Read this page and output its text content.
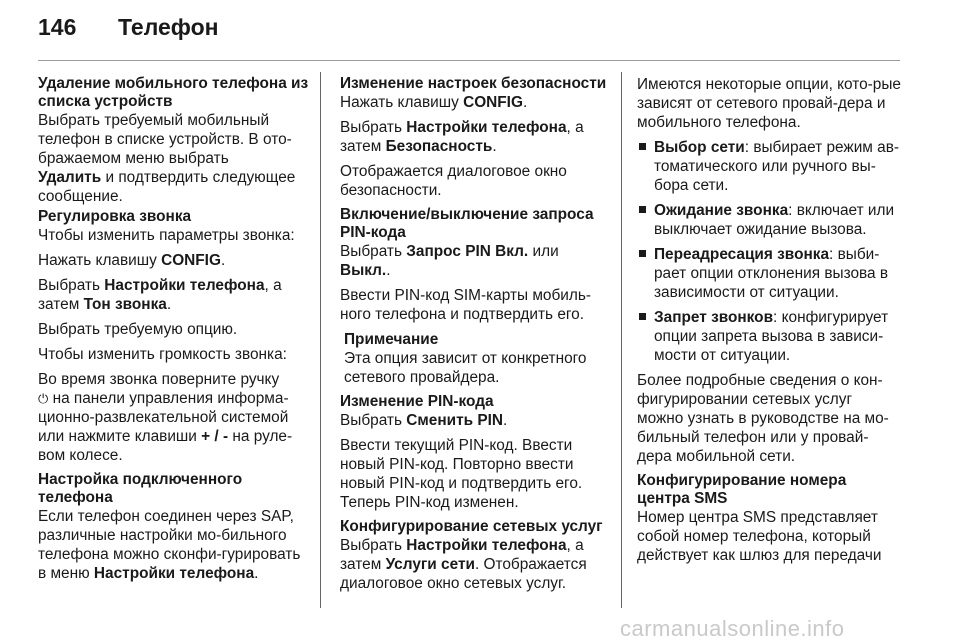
146 Телефон
Удаление мобильного телефона из списка устройств

Выбрать требуемый мобильный телефон в списке устройств. В ото-бражаемом меню выбрать
Удалить и подтвердить следующее сообщение.

Регулировка звонка

Чтобы изменить параметры звонка:

Нажать клавишу CONFIG.

Выбрать Настройки телефона, а затем Тон звонка.

Выбрать требуемую опцию.

Чтобы изменить громкость звонка:

Во время звонка поверните ручку
⏻ на панели управления информа-ционно-развлекательной системой или нажмите клавиши + / - на руле-вом колесе.

Настройка подключенного телефона

Если телефон соединен через SAP, различные настройки мо-бильного телефона можно сконфи-гурировать в меню Настройки телефона.

Изменение настроек безопасности

Нажать клавишу CONFIG.

Выбрать Настройки телефона, а затем Безопасность.

Отображается диалоговое окно безопасности.

Включение/выключение запроса PIN-кода

Выбрать Запрос PIN Вкл. или Выкл..

Ввести PIN-код SIM-карты мобиль-ного телефона и подтвердить его.

Примечание
Эта опция зависит от конкретного сетевого провайдера.
Изменение PIN-кода

Выбрать Сменить PIN.

Ввести текущий PIN-код. Ввести новый PIN-код. Повторно ввести новый PIN-код и подтвердить его. Теперь PIN-код изменен.

Конфигурирование сетевых услуг

Выбрать Настройки телефона, а затем Услуги сети. Отображается диалоговое окно сетевых услуг.

Имеются некоторые опции, кото-рые зависят от сетевого провай-дера и мобильного телефона.

Выбор сети: выбирает режим ав-томатического или ручного вы-бора сети.
Ожидание звонка: включает или выключает ожидание вызова.
Переадресация звонка: выби-рает опции отклонения вызова в зависимости от ситуации.
Запрет звонков: конфигурирует опции запрета вызова в зависи-мости от ситуации.

Более подробные сведения о кон-фигурировании сетевых услуг можно узнать в руководстве на мо-бильный телефон или у провай-дера мобильной сети.

Конфигурирование номера центра SMS

Номер центра SMS представляет собой номер телефона, который действует как шлюз для передачи

carmanualsonline.info
